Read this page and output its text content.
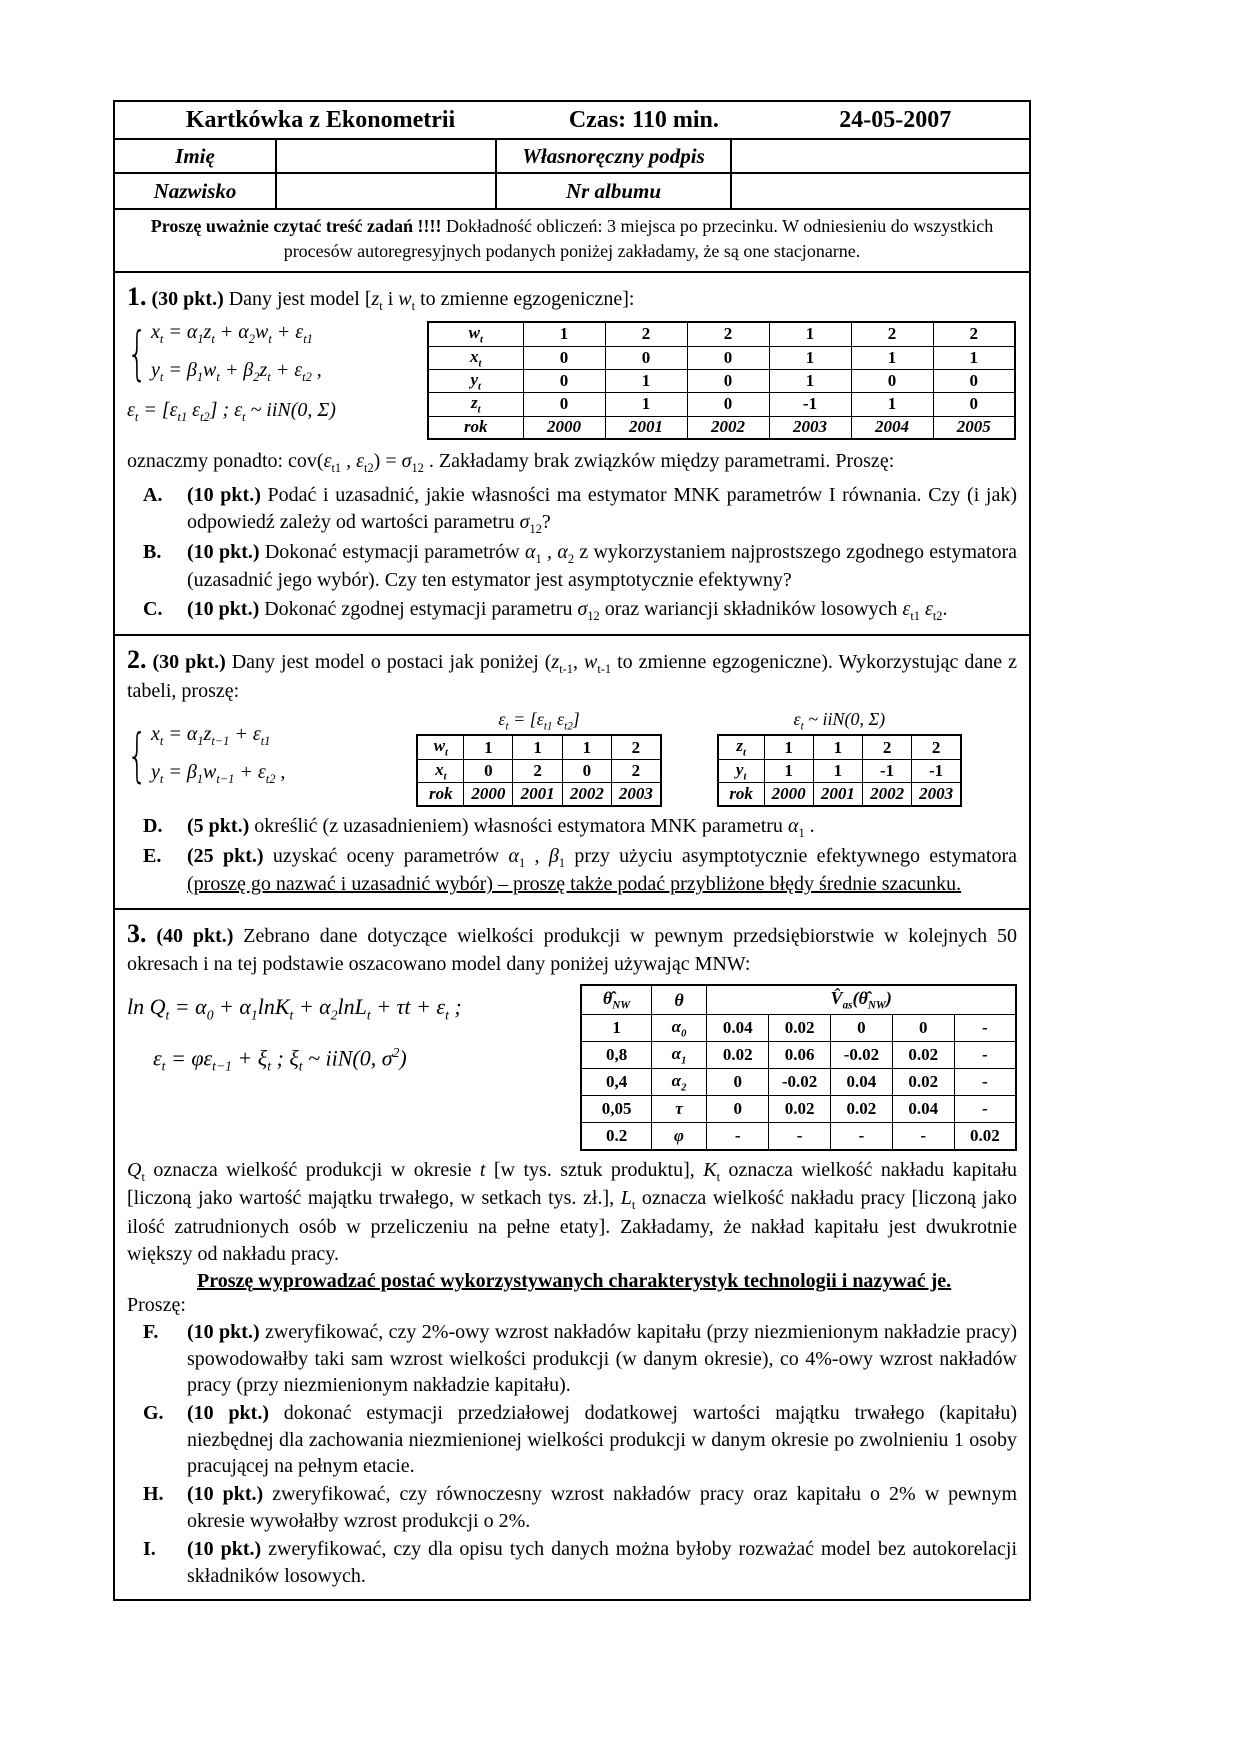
Kartkówka z Ekonometrii	Czas: 110 min.	24-05-2007
Imię	Własnoręczny podpis
Nazwisko	Nr albumu
Proszę uważnie czytać treść zadań !!!! Dokładność obliczeń: 3 miejsca po przecinku. W odniesieniu do wszystkich procesów autoregresyjnych podanych poniżej zakładamy, że są one stacjonarne.
1. (30 pkt.) Dany jest model [$z_t$ i $w_t$ to zmienne egzogeniczne]:
{ $x_t = \alpha_1z_t + \alpha_2w_t + \varepsilon_{t1}$
$y_t = \beta_1w_t + \beta_2z_t + \varepsilon_{t2}$ ,
$\varepsilon_t = [\varepsilon_{t1}$ $\varepsilon_{t2}$] ; $\varepsilon_t$ ~ iiN(0, Σ)
$w_t$	1	2	2	1	2	2
$x_t$	0	0	0	1	1	1
$y_t$	0	1	0	1	0	0
$z_t$	0	1	0	-1	1	0
rok	2000	2001	2002	2003	2004	2005
oznaczmy ponadto: $cov(\varepsilon_{t1}$ , $\varepsilon_{t2}) = \sigma_{12}$ . Zakładamy brak związków między parametrami. Proszę:
A.	(10 pkt.) Podać i uzasadnić, jakie własności ma estymator MNK parametrów I równania. Czy (i jak) odpowiedź zależy od wartości parametru $\sigma_{12}$?
B.	(10 pkt.) Dokonać estymacji parametrów $\alpha_1$ , $\alpha_2$ z wykorzystaniem najprostszego zgodnego estymatora (uzasadnić jego wybór). Czy ten estymator jest asymptotycznie efektywny?
C.	(10 pkt.) Dokonać zgodnej estymacji parametru $\sigma_{12}$ oraz wariancji składników losowych $\varepsilon_{t1}$ $\varepsilon_{t2}$.
2. (30 pkt.) Dany jest model o postaci jak poniżej ($z_{t-1}$, $w_{t-1}$ to zmienne egzogeniczne). Wykorzystując dane z tabeli, proszę:
{ $x_t = \alpha_1z_{t-1} + \varepsilon_{t1}$
$y_t = \beta_1w_{t-1} + \varepsilon_{t2}$ ,
$\varepsilon_t = [\varepsilon_{t1}$ $\varepsilon_{t2}$]
$w_t$	1	1	1	2
$x_t$	0	2	0	2
rok	2000	2001	2002	2003
$\varepsilon_t$ ~ iiN(0, Σ)
$z_t$	1	1	2	2
$y_t$	1	1	-1	-1
rok	2000	2001	2002	2003
D.	(5 pkt.) określić (z uzasadnieniem) własności estymatora MNK parametru $\alpha_1$ .
E.	(25 pkt.) uzyskać oceny parametrów $\alpha_1$ , $\beta_1$ przy użyciu asymptotycznie efektywnego estymatora (proszę go nazwać i uzasadnić wybór) – proszę także podać przybliżone błędy średnie szacunku.
3. (40 pkt.) Zebrano dane dotyczące wielkości produkcji w pewnym przedsiębiorstwie w kolejnych 50 okresach i na tej podstawie oszacowano model dany poniżej używając MNW:
$\ln Q_t = \alpha_0 + \alpha_1\ln K_t + \alpha_2\ln L_t + \tau t + \varepsilon_t$ ;
$\varepsilon_t = \varphi\varepsilon_{t-1} + \xi_t$ ; $\xi_t$ ~ iiN(0, $\sigma^2$)
$\thetâ_{NW}$	θ	$V̂_{as}(\thetâ_{NW})$				
1	$\alpha_0$	0.04	0.02	0	0	-
0,8	$\alpha_1$	0.02	0.06	-0.02	0.02	-
0,4	$\alpha_2$	0	-0.02	0.04	0.02	-
0,05	τ	0	0.02	0.02	0.04	-
0.2	φ	-	-	-	-	0.02
$Q_t$ oznacza wielkość produkcji w okresie t [w tys. sztuk produktu], $K_t$ oznacza wielkość nakładu kapitału [liczoną jako wartość majątku trwałego, w setkach tys. zł.], $L_t$ oznacza wielkość nakładu pracy [liczoną jako ilość zatrudnionych osób w przeliczeniu na pełne etaty]. Zakładamy, że nakład kapitału jest dwukrotnie większy od nakładu pracy.
Proszę wyprowadzać postać wykorzystywanych charakterystyk technologii i nazywać je.
Proszę:
F.	(10 pkt.) zweryfikować, czy 2%-owy wzrost nakładów kapitału (przy niezmienionym nakładzie pracy) spowodowałby taki sam wzrost wielkości produkcji (w danym okresie), co 4%-owy wzrost nakładów pracy (przy niezmienionym nakładzie kapitału).
G.	(10 pkt.) dokonać estymacji przedziałowej dodatkowej wartości majątku trwałego (kapitału) niezbędnej dla zachowania niezmienionej wielkości produkcji w danym okresie po zwolnieniu 1 osoby pracującej na pełnym etacie.
H.	(10 pkt.) zweryfikować, czy równoczesny wzrost nakładów pracy oraz kapitału o 2% w pewnym okresie wywołałby wzrost produkcji o 2%.
I.	(10 pkt.) zweryfikować, czy dla opisu tych danych można byłoby rozważać model bez autokorelacji składników losowych.
